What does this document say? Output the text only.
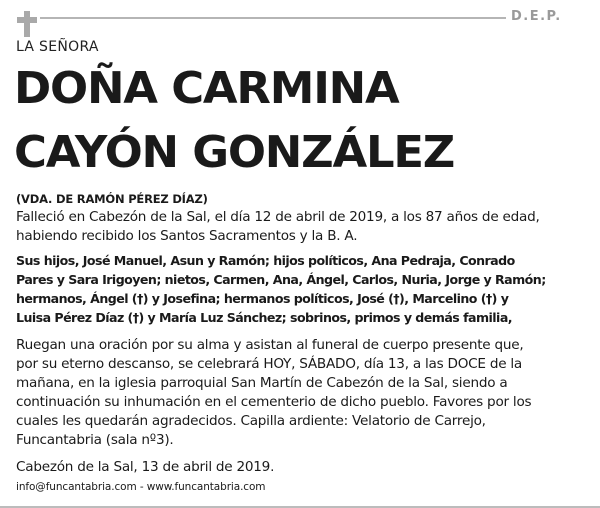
D.E.P.
LA SEÑORA
DOÑA CARMINA
CAYÓN GONZÁLEZ
(VDA. DE RAMÓN PÉREZ DÍAZ)
Falleció en Cabezón de la Sal, el día 12 de abril de 2019, a los 87 años de edad,
habiendo recibido los Santos Sacramentos y la B. A.
Sus hijos, José Manuel, Asun y Ramón; hijos políticos, Ana Pedraja, Conrado
Pares y Sara Irigoyen; nietos, Carmen, Ana, Ángel, Carlos, Nuria, Jorge y Ramón;
hermanos, Ángel (†) y Josefina; hermanos políticos, José (†), Marcelino (†) y
Luisa Pérez Díaz (†) y María Luz Sánchez; sobrinos, primos y demás familia,
Ruegan una oración por su alma y asistan al funeral de cuerpo presente que,
por su eterno descanso, se celebrará HOY, SÁBADO, día 13, a las DOCE de la
mañana, en la iglesia parroquial San Martín de Cabezón de la Sal, siendo a
continuación su inhumación en el cementerio de dicho pueblo. Favores por los
cuales les quedarán agradecidos. Capilla ardiente: Velatorio de Carrejo,
Funcantabria (sala nº3).
Cabezón de la Sal, 13 de abril de 2019.
info@funcantabria.com - www.funcantabria.com
